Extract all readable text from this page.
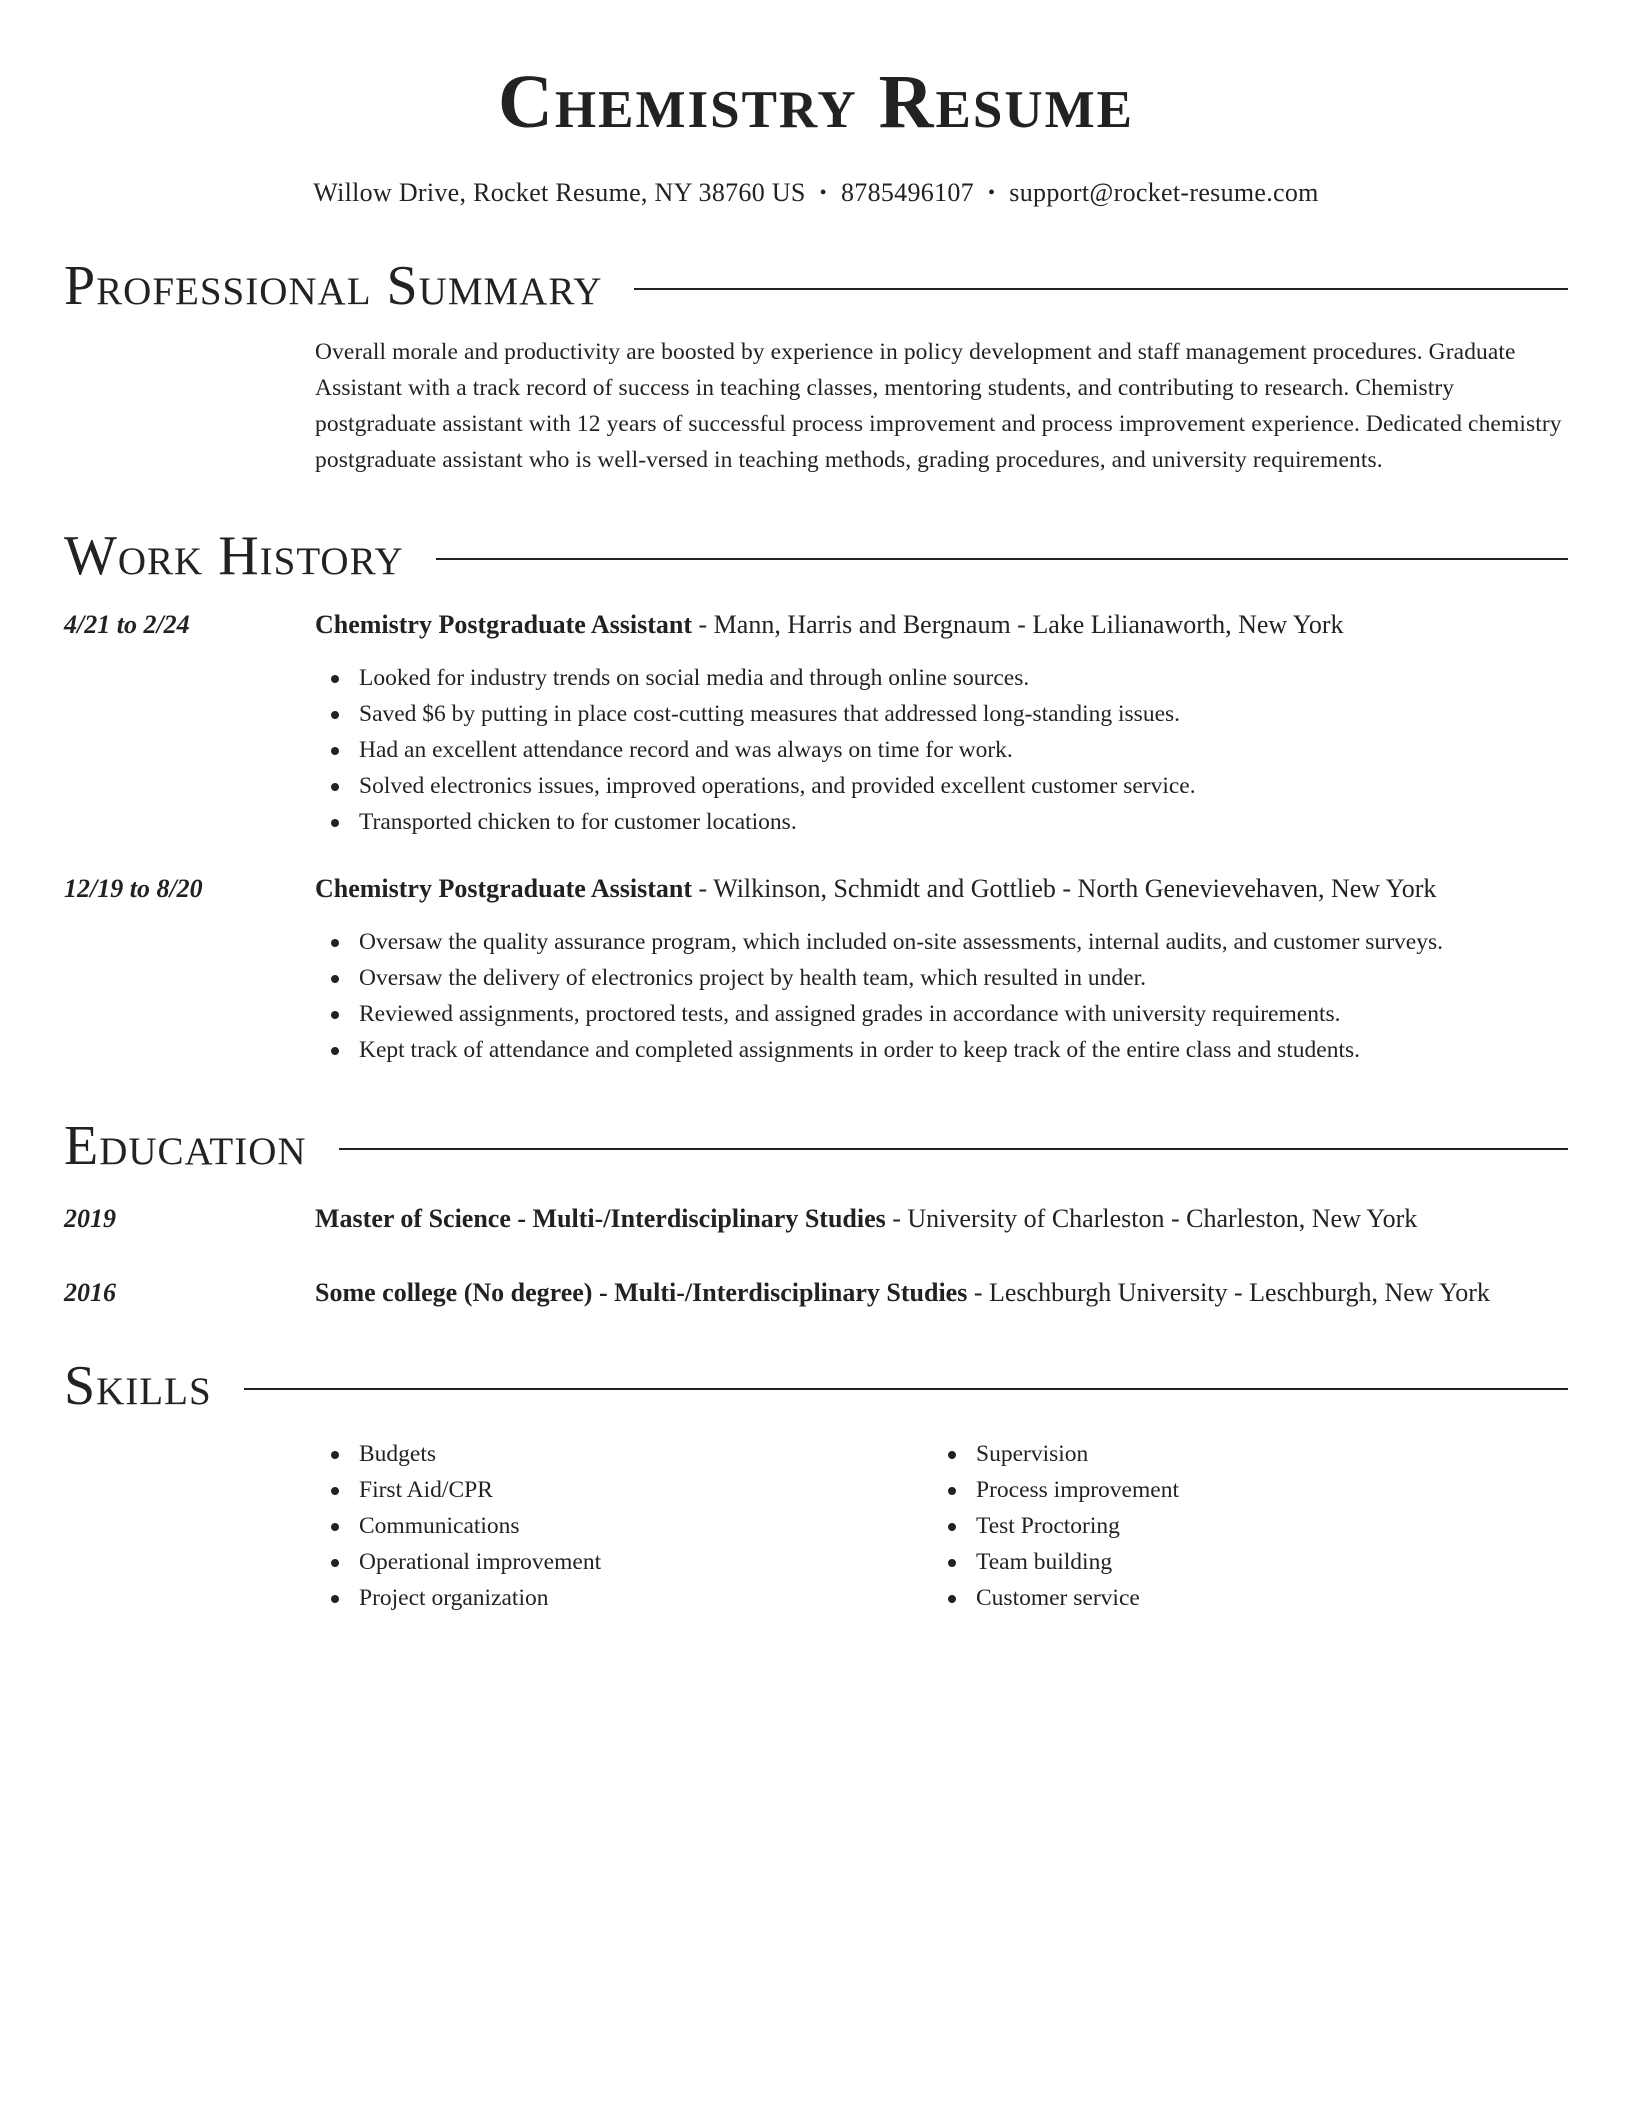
Chemistry Resume
Willow Drive, Rocket Resume, NY 38760 US • 8785496107 • support@rocket-resume.com
Professional Summary

Overall morale and productivity are boosted by experience in policy development and staff management procedures. Graduate Assistant with a track record of success in teaching classes, mentoring students, and contributing to research. Chemistry postgraduate assistant with 12 years of successful process improvement and process improvement experience. Dedicated chemistry postgraduate assistant who is well-versed in teaching methods, grading procedures, and university requirements.

Work History
4/21 to 2/24	Chemistry Postgraduate Assistant - Mann, Harris and Bergnaum - Lake Lilianaworth, New York
Looked for industry trends on social media and through online sources.
Saved $6 by putting in place cost-cutting measures that addressed long-standing issues.
Had an excellent attendance record and was always on time for work.
Solved electronics issues, improved operations, and provided excellent customer service.
Transported chicken to for customer locations.
12/19 to 8/20	Chemistry Postgraduate Assistant - Wilkinson, Schmidt and Gottlieb - North Genevievehaven, New York
Oversaw the quality assurance program, which included on-site assessments, internal audits, and customer surveys.
Oversaw the delivery of electronics project by health team, which resulted in under.
Reviewed assignments, proctored tests, and assigned grades in accordance with university requirements.
Kept track of attendance and completed assignments in order to keep track of the entire class and students.
Education
2019	Master of Science - Multi-/Interdisciplinary Studies - University of Charleston - Charleston, New York
2016	Some college (No degree) - Multi-/Interdisciplinary Studies - Leschburgh University - Leschburgh, New York
Skills
Budgets
First Aid/CPR
Communications
Operational improvement
Project organization
Supervision
Process improvement
Test Proctoring
Team building
Customer service
